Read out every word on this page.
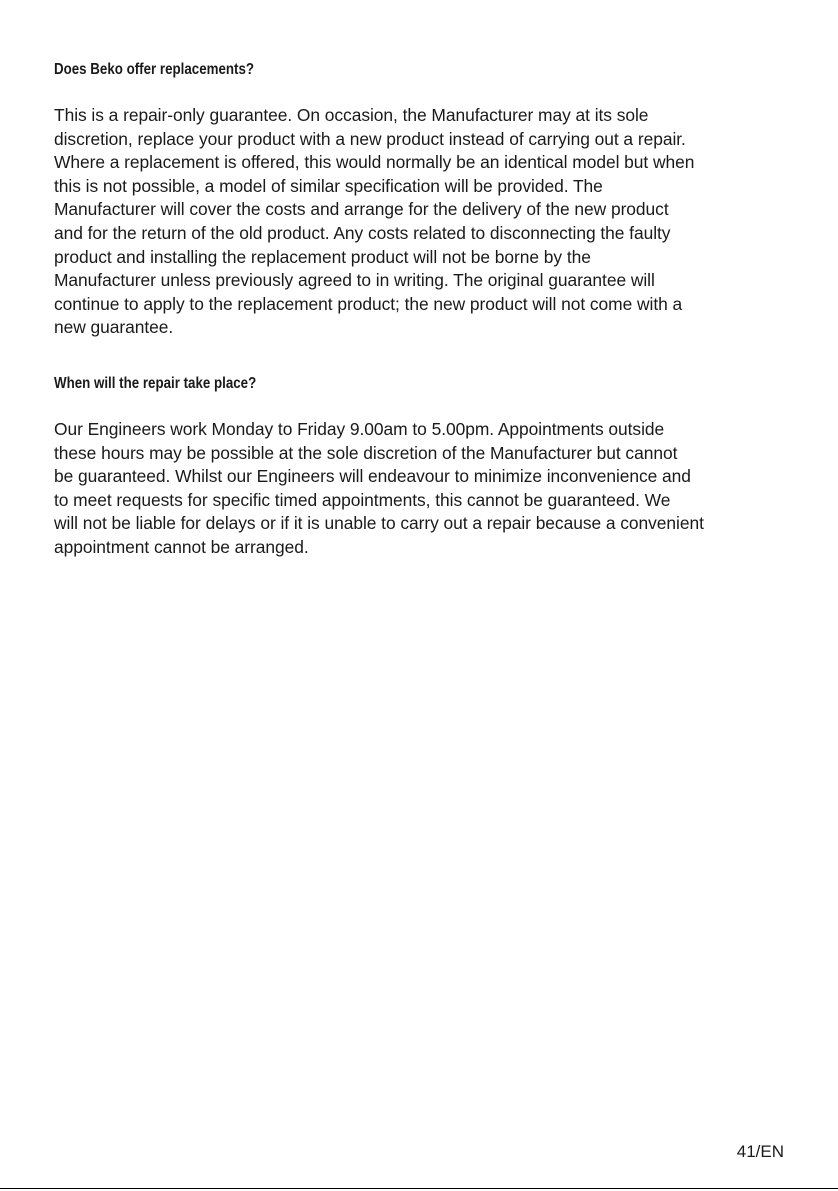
Does Beko offer replacements?

This is a repair-only guarantee. On occasion, the Manufacturer may at its sole
discretion, replace your product with a new product instead of carrying out a repair.
Where a replacement is offered, this would normally be an identical model but when
this is not possible, a model of similar specification will be provided. The
Manufacturer will cover the costs and arrange for the delivery of the new product
and for the return of the old product. Any costs related to disconnecting the faulty
product and installing the replacement product will not be borne by the
Manufacturer unless previously agreed to in writing. The original guarantee will
continue to apply to the replacement product; the new product will not come with a
new guarantee.

When will the repair take place?

Our Engineers work Monday to Friday 9.00am to 5.00pm. Appointments outside
these hours may be possible at the sole discretion of the Manufacturer but cannot
be guaranteed. Whilst our Engineers will endeavour to minimize inconvenience and
to meet requests for specific timed appointments, this cannot be guaranteed. We
will not be liable for delays or if it is unable to carry out a repair because a convenient
appointment cannot be arranged.

41/EN
